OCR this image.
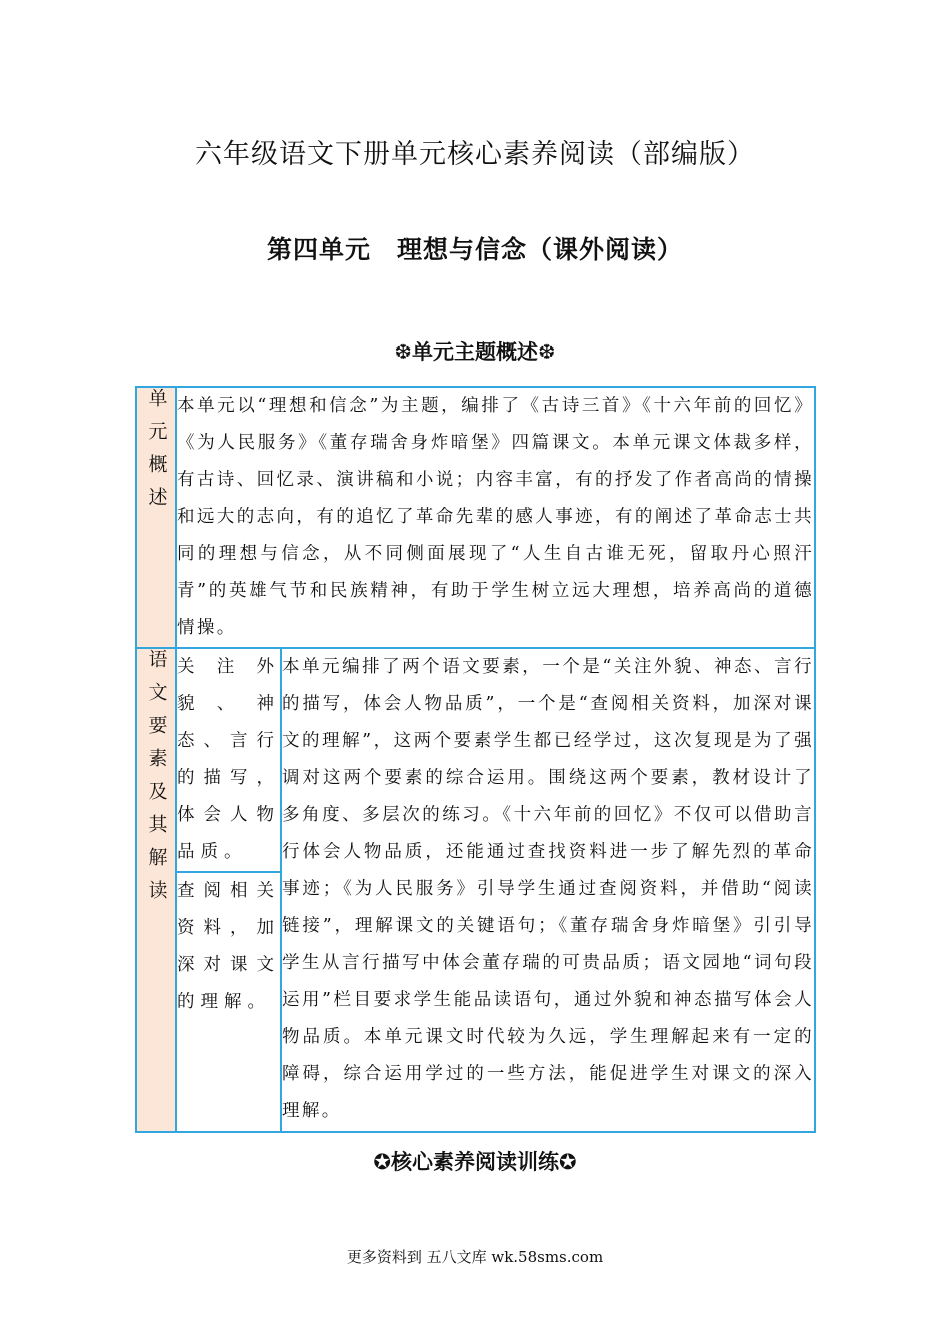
六年级语文下册单元核心素养阅读（部编版）
第四单元 理想与信念（课外阅读）
❆单元主题概述❆
单元概述	本单元以“理想和信念”为主题，编排了《古诗三首》《十六年前的回忆》《为人民服务》《董存瑞舍身炸暗堡》四篇课文。本单元课文体裁多样，有古诗、回忆录、演讲稿和小说；内容丰富，有的抒发了作者高尚的情操和远大的志向，有的追忆了革命先辈的感人事迹，有的阐述了革命志士共同的理想与信念，从不同侧面展现了“人生自古谁无死，留取丹心照汗青”的英雄气节和民族精神，有助于学生树立远大理想，培养高尚的道德情操。	

语文要素及其解读	关注外貌、神态、言行的描写，体会人物品质。	本单元编排了两个语文要素，一个是“关注外貌、神态、言行的描写，体会人物品质”，一个是“查阅相关资料，加深对课文的理解”，这两个要素学生都已经学过，这次复现是为了强调对这两个要素的综合运用。围绕这两个要素，教材设计了多角度、多层次的练习。《十六年前的回忆》不仅可以借助言行体会人物品质，还能通过查找资料进一步了解先烈的革命事迹；《为人民服务》引导学生通过查阅资料，并借助“阅读链接”，理解课文的关键语句；《董存瑞舍身炸暗堡》引引导学生从言行描写中体会董存瑞的可贵品质；语文园地“词句段运用”栏目要求学生能品读语句，通过外貌和神态描写体会人物品质。本单元课文时代较为久远，学生理解起来有一定的障碍，综合运用学过的一些方法，能促进学生对课文的深入理解。

	查阅相关资料，加深对课文的理解。	
✪核心素养阅读训练✪
更多资料到 五八文库 wk.58sms.com
